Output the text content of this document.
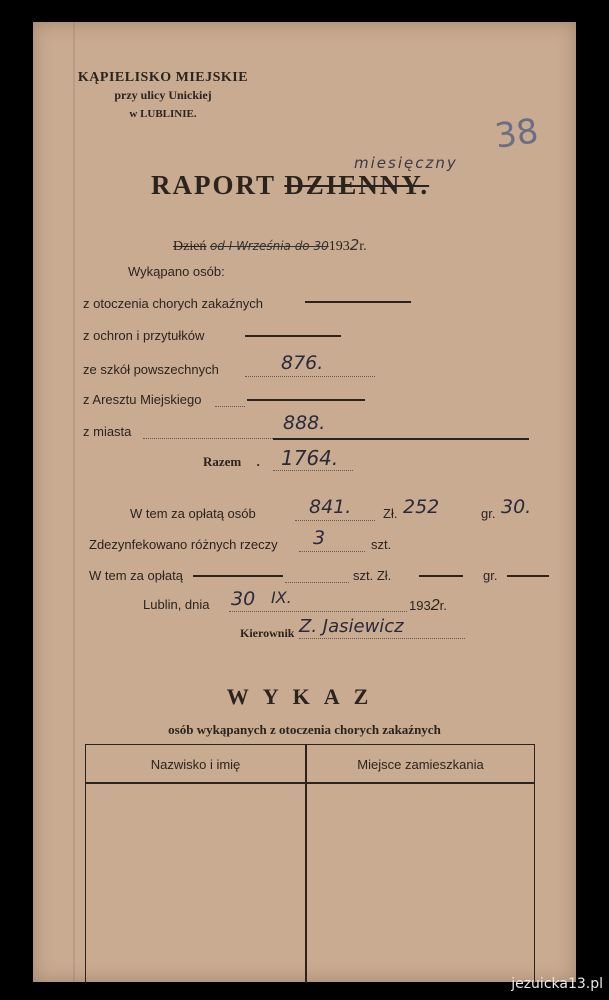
KĄPIELISKO MIEJSKIE
przy ulicy Unickiej
w LUBLINIE.	38
RAPORT DZIENNY.
miesięczny
Dzień od I Września do 301932r.
Wykąpano osób:
z otoczenia chorych zakaźnych
z ochron i przytułków
ze szkół powszechnych	876.
z Aresztu Miejskiego
z miasta	888.
Razem . 1764.
W tem za opłatą osób	841. Zł. 252	gr. 30.
Zdezynfekowano różnych rzeczy 3	szt.
W tem za opłatą	szt. Zł.	gr.
Lublin, dnia 30 IX.	1932r.
Kierownik Z. Jasiewicz
WYKAZ
osób wykąpanych z otoczenia chorych zakaźnych
Nazwisko i imię	Miejsce zamieszkania
jezuicka13.pl
